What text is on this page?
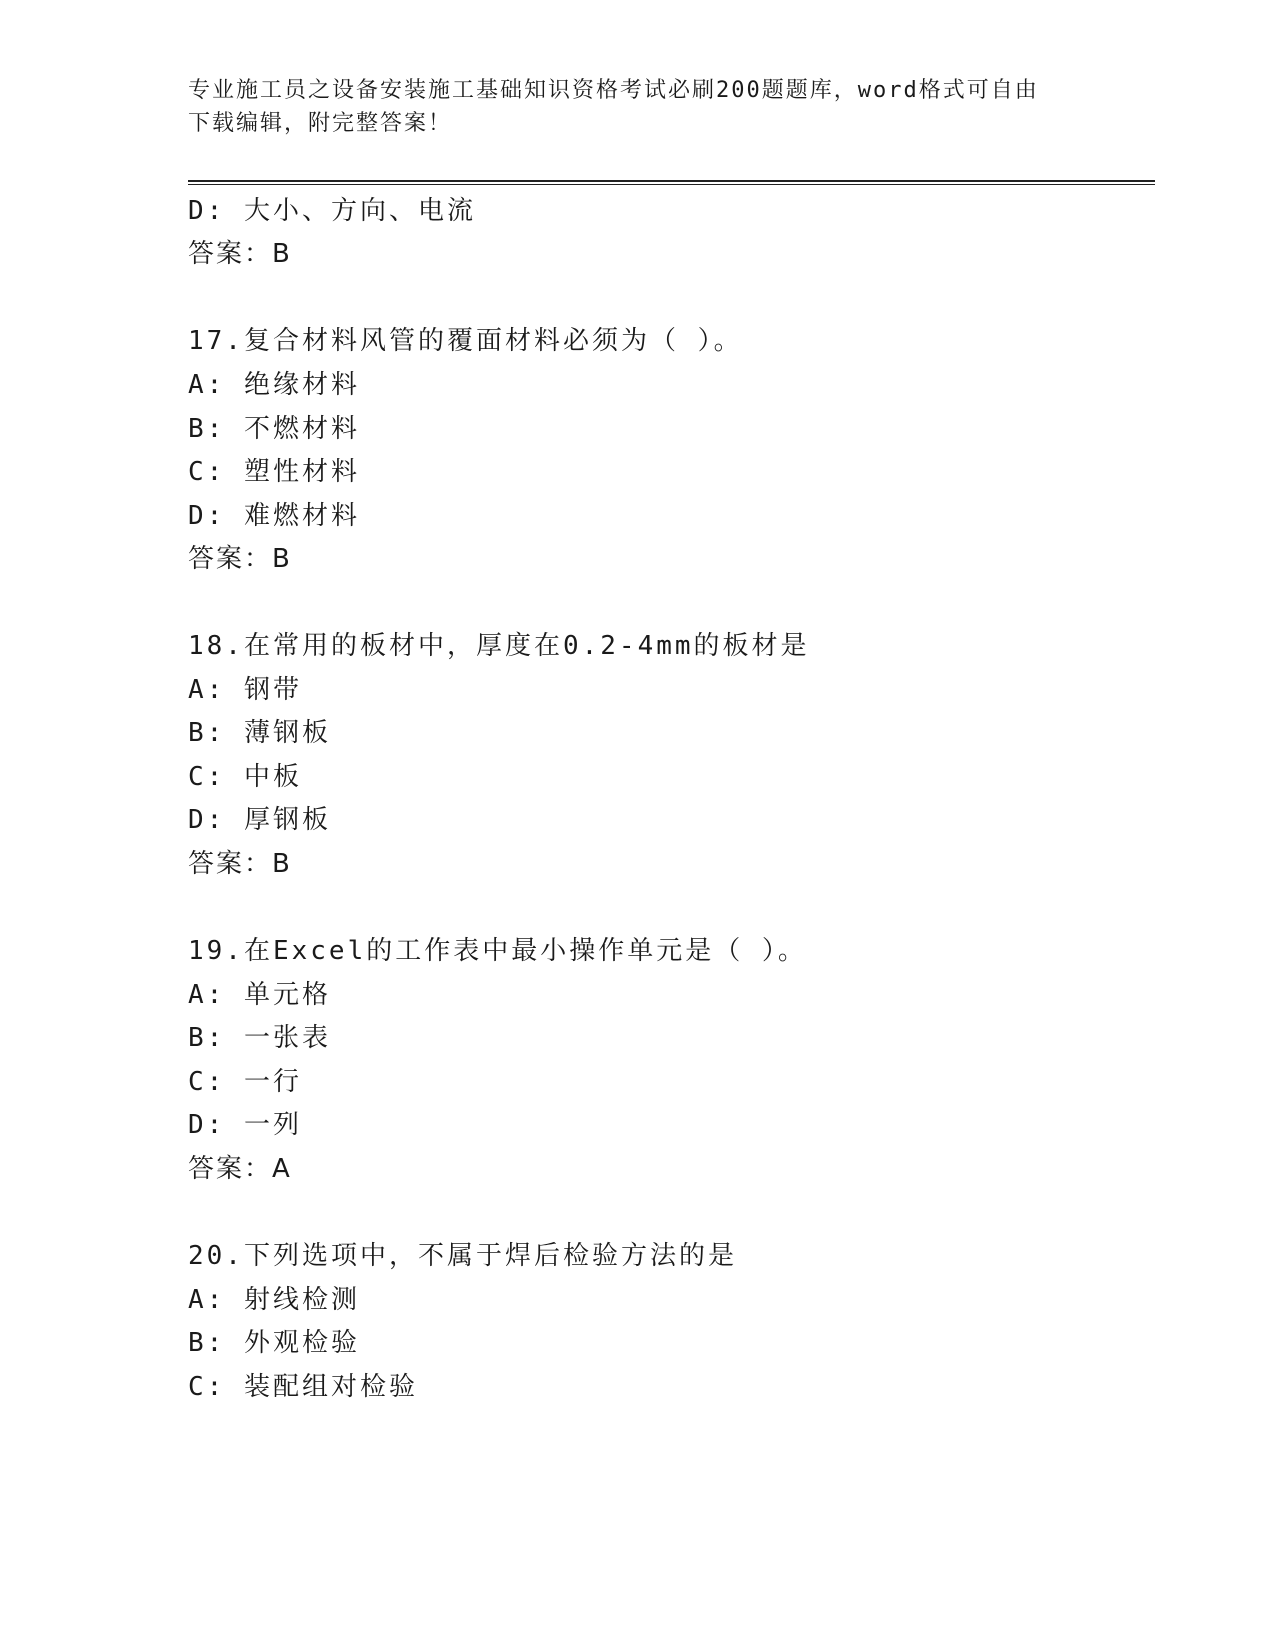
专业施工员之设备安装施工基础知识资格考试必刷200题题库，word格式可自由
下载编辑，附完整答案！
D: 大小、方向、电流
答案：B
17.复合材料风管的覆面材料必须为（ ）。
A: 绝缘材料
B: 不燃材料
C: 塑性材料
D: 难燃材料
答案：B
18.在常用的板材中，厚度在0.2-4mm的板材是
A: 钢带
B: 薄钢板
C: 中板
D: 厚钢板
答案：B
19.在Excel的工作表中最小操作单元是（ ）。
A: 单元格
B: 一张表
C: 一行
D: 一列
答案：A
20.下列选项中，不属于焊后检验方法的是
A: 射线检测
B: 外观检验
C: 装配组对检验
